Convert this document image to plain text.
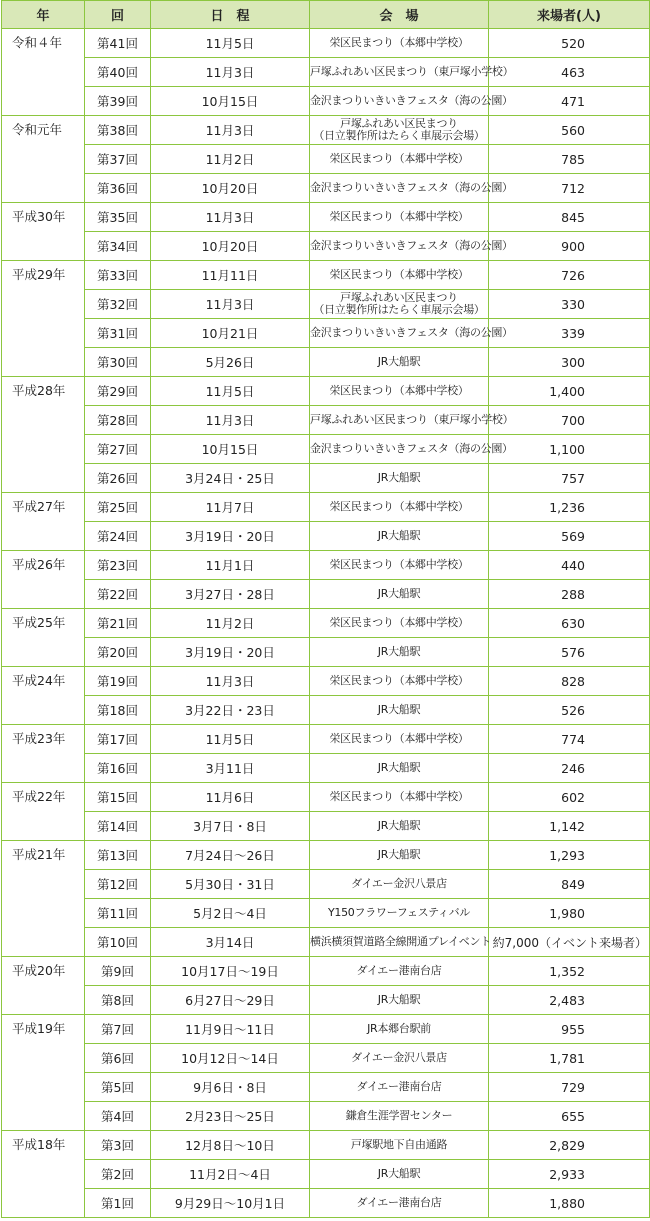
年	回	日　程	会　場	来場者(人)
令和４年	第41回	11月5日	栄区民まつり（本郷中学校）	520
	第40回	11月3日	戸塚ふれあい区民まつり（東戸塚小学校）	463
	第39回	10月15日	金沢まつりいきいきフェスタ（海の公園）	471
令和元年	第38回	11月3日	戸塚ふれあい区民まつり
（日立製作所はたらく車展示会場）	560
	第37回	11月2日	栄区民まつり（本郷中学校）	785
	第36回	10月20日	金沢まつりいきいきフェスタ（海の公園）	712
平成30年	第35回	11月3日	栄区民まつり（本郷中学校）	845
	第34回	10月20日	金沢まつりいきいきフェスタ（海の公園）	900
平成29年	第33回	11月11日	栄区民まつり（本郷中学校）	726
	第32回	11月3日	戸塚ふれあい区民まつり
（日立製作所はたらく車展示会場）	330
	第31回	10月21日	金沢まつりいきいきフェスタ（海の公園）	339
	第30回	5月26日	JR大船駅	300
平成28年	第29回	11月5日	栄区民まつり（本郷中学校）	1,400
	第28回	11月3日	戸塚ふれあい区民まつり（東戸塚小学校）	700
	第27回	10月15日	金沢まつりいきいきフェスタ（海の公園）	1,100
	第26回	3月24日・25日	JR大船駅	757
平成27年	第25回	11月7日	栄区民まつり（本郷中学校）	1,236
	第24回	3月19日・20日	JR大船駅	569
平成26年	第23回	11月1日	栄区民まつり（本郷中学校）	440
	第22回	3月27日・28日	JR大船駅	288
平成25年	第21回	11月2日	栄区民まつり（本郷中学校）	630
	第20回	3月19日・20日	JR大船駅	576
平成24年	第19回	11月3日	栄区民まつり（本郷中学校）	828
	第18回	3月22日・23日	JR大船駅	526
平成23年	第17回	11月5日	栄区民まつり（本郷中学校）	774
	第16回	3月11日	JR大船駅	246
平成22年	第15回	11月6日	栄区民まつり（本郷中学校）	602
	第14回	3月7日・8日	JR大船駅	1,142
平成21年	第13回	7月24日～26日	JR大船駅	1,293
	第12回	5月30日・31日	ダイエー金沢八景店	849
	第11回	5月2日～4日	Y150フラワーフェスティバル	1,980
	第10回	3月14日	横浜横須賀道路全線開通プレイベント	約7,000（イベント来場者）
平成20年	第9回	10月17日～19日	ダイエー港南台店	1,352
	第8回	6月27日～29日	JR大船駅	2,483
平成19年	第7回	11月9日～11日	JR本郷台駅前	955
	第6回	10月12日～14日	ダイエー金沢八景店	1,781
	第5回	9月6日・8日	ダイエー港南台店	729
	第4回	2月23日～25日	鎌倉生涯学習センター	655
平成18年	第3回	12月8日～10日	戸塚駅地下自由通路	2,829
	第2回	11月2日～4日	JR大船駅	2,933
	第1回	9月29日～10月1日	ダイエー港南台店	1,880
